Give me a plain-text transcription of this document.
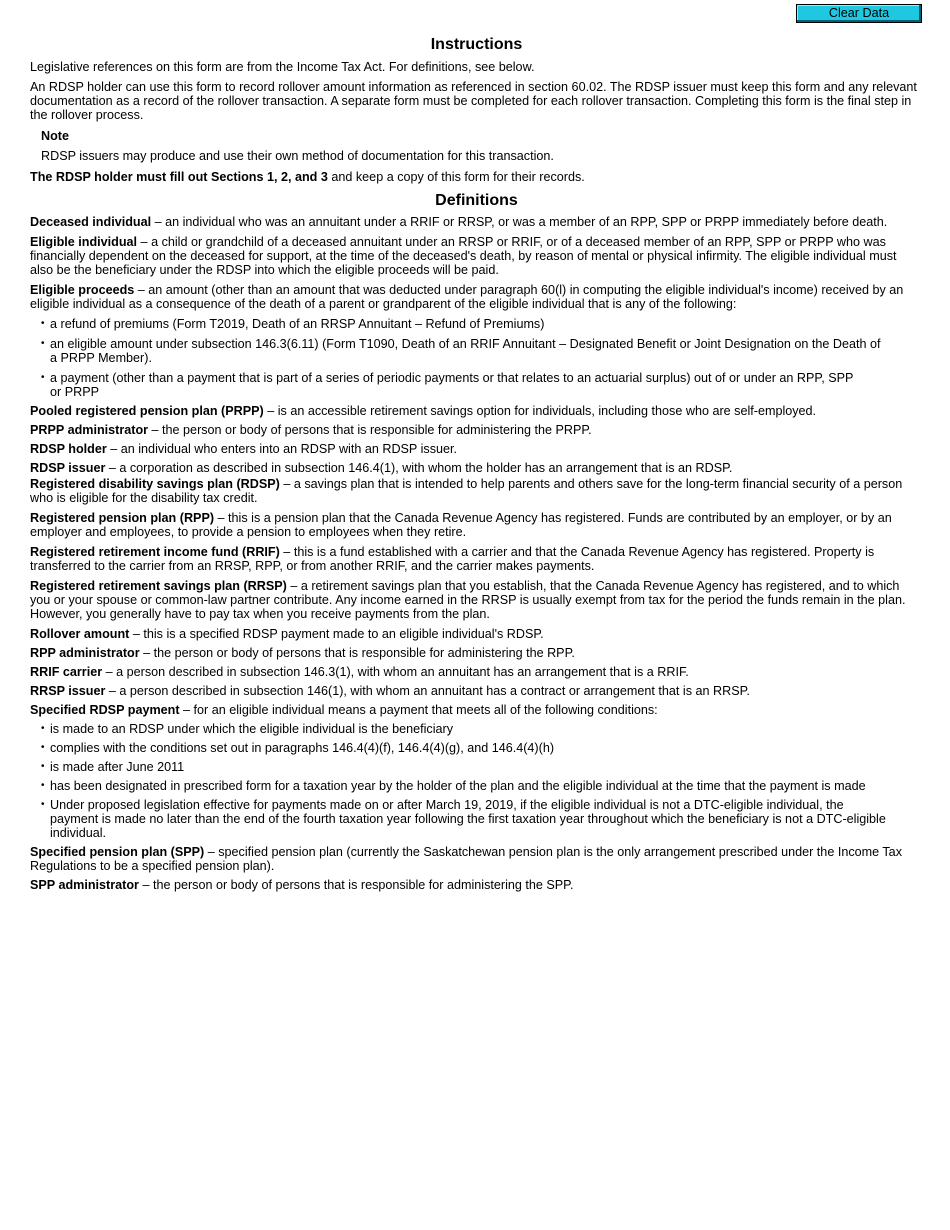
Clear Data
Instructions

Legislative references on this form are from the Income Tax Act. For definitions, see below.

An RDSP holder can use this form to record rollover amount information as referenced in section 60.02. The RDSP issuer must keep this form and any relevant documentation as a record of the rollover transaction. A separate form must be completed for each rollover transaction. Completing this form is the final step in the rollover process.

Note

RDSP issuers may produce and use their own method of documentation for this transaction.

The RDSP holder must fill out Sections 1, 2, and 3 and keep a copy of this form for their records.

Definitions

Deceased individual – an individual who was an annuitant under a RRIF or RRSP, or was a member of an RPP, SPP or PRPP immediately before death.

Eligible individual – a child or grandchild of a deceased annuitant under an RRSP or RRIF, or of a deceased member of an RPP, SPP or PRPP who was financially dependent on the deceased for support, at the time of the deceased's death, by reason of mental or physical infirmity. The eligible individual must also be the beneficiary under the RDSP into which the eligible proceeds will be paid.

Eligible proceeds – an amount (other than an amount that was deducted under paragraph 60(l) in computing the eligible individual's income) received by an eligible individual as a consequence of the death of a parent or grandparent of the eligible individual that is any of the following:

• a refund of premiums (Form T2019, Death of an RRSP Annuitant – Refund of Premiums)
• an eligible amount under subsection 146.3(6.11) (Form T1090, Death of an RRIF Annuitant – Designated Benefit or Joint Designation on the Death of a PRPP Member).
• a payment (other than a payment that is part of a series of periodic payments or that relates to an actuarial surplus) out of or under an RPP, SPP or PRPP

Pooled registered pension plan (PRPP) – is an accessible retirement savings option for individuals, including those who are self-employed.

PRPP administrator – the person or body of persons that is responsible for administering the PRPP.

RDSP holder – an individual who enters into an RDSP with an RDSP issuer.

RDSP issuer – a corporation as described in subsection 146.4(1), with whom the holder has an arrangement that is an RDSP.

Registered disability savings plan (RDSP) – a savings plan that is intended to help parents and others save for the long-term financial security of a person who is eligible for the disability tax credit.

Registered pension plan (RPP) – this is a pension plan that the Canada Revenue Agency has registered. Funds are contributed by an employer, or by an employer and employees, to provide a pension to employees when they retire.

Registered retirement income fund (RRIF) – this is a fund established with a carrier and that the Canada Revenue Agency has registered. Property is transferred to the carrier from an RRSP, RPP, or from another RRIF, and the carrier makes payments.

Registered retirement savings plan (RRSP) – a retirement savings plan that you establish, that the Canada Revenue Agency has registered, and to which you or your spouse or common-law partner contribute. Any income earned in the RRSP is usually exempt from tax for the period the funds remain in the plan. However, you generally have to pay tax when you receive payments from the plan.

Rollover amount – this is a specified RDSP payment made to an eligible individual's RDSP.

RPP administrator – the person or body of persons that is responsible for administering the RPP.

RRIF carrier – a person described in subsection 146.3(1), with whom an annuitant has an arrangement that is a RRIF.

RRSP issuer – a person described in subsection 146(1), with whom an annuitant has a contract or arrangement that is an RRSP.

Specified RDSP payment – for an eligible individual means a payment that meets all of the following conditions:

• is made to an RDSP under which the eligible individual is the beneficiary
• complies with the conditions set out in paragraphs 146.4(4)(f), 146.4(4)(g), and 146.4(4)(h)
• is made after June 2011
• has been designated in prescribed form for a taxation year by the holder of the plan and the eligible individual at the time that the payment is made
• Under proposed legislation effective for payments made on or after March 19, 2019, if the eligible individual is not a DTC-eligible individual, the payment is made no later than the end of the fourth taxation year following the first taxation year throughout which the beneficiary is not a DTC-eligible individual.

Specified pension plan (SPP) – specified pension plan (currently the Saskatchewan pension plan is the only arrangement prescribed under the Income Tax Regulations to be a specified pension plan).

SPP administrator – the person or body of persons that is responsible for administering the SPP.
